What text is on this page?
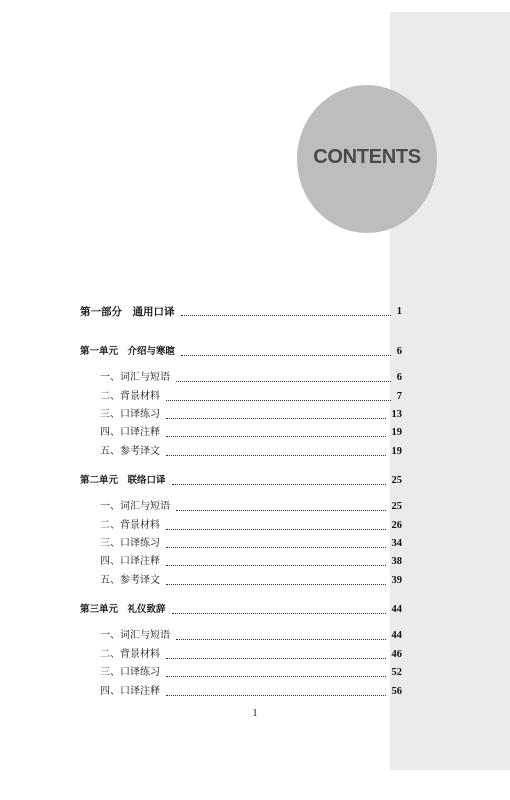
CONTENTS
第一部分　通用口译	1
第一单元　介绍与寒暄	6
一、词汇与短语	6
二、背景材料	7
三、口译练习	13
四、口译注释	19
五、参考译文	19
第二单元　联络口译	25
一、词汇与短语	25
二、背景材料	26
三、口译练习	34
四、口译注释	38
五、参考译文	39
第三单元　礼仪致辞	44
一、词汇与短语	44
二、背景材料	46
三、口译练习	52
四、口译注释	56
1
